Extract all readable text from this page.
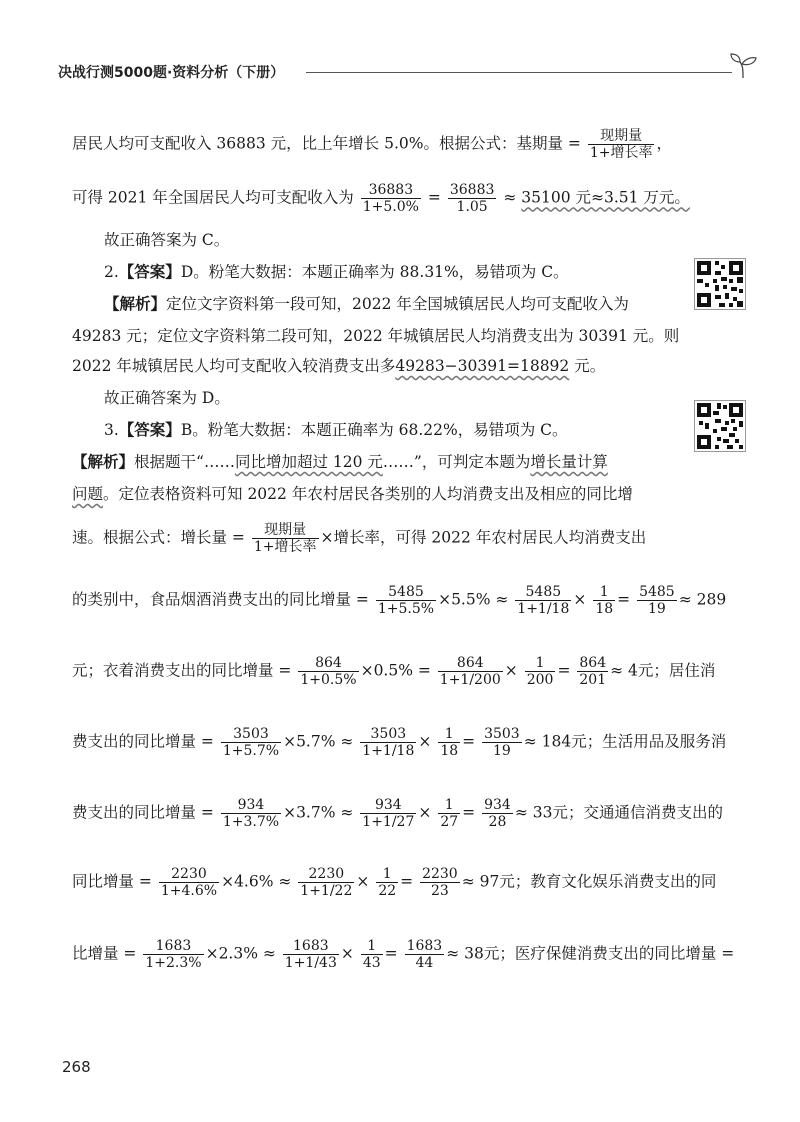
决战行测5000题·资料分析（下册）
居民人均可支配收入 36883 元，比上年增长 5.0%。根据公式：基期量 = $\frac{\text{现期量}}{\text{1+增长率}}$ ，
可得 2021 年全国居民人均可支配收入为 $\frac{36883}{1+5.0\%} = \frac{36883}{1.05} \approx 35100$ 元≈3.51 万元。
故正确答案为 C。
2.【答案】D。粉笔大数据：本题正确率为 88.31%，易错项为 C。
【解析】定位文字资料第一段可知，2022 年全国城镇居民人均可支配收入为
49283 元；定位文字资料第二段可知，2022 年城镇居民人均消费支出为 30391 元。则
2022 年城镇居民人均可支配收入较消费支出多49283−30391=18892 元。
故正确答案为 D。
3.【答案】B。粉笔大数据：本题正确率为 68.22%，易错项为 C。
【解析】根据题干“……同比增加超过 120 元……”，可判定本题为增长量计算
问题。定位表格资料可知 2022 年农村居民各类别的人均消费支出及相应的同比增
速。根据公式：增长量 = $\frac{\text{现期量}}{\text{1+增长率}}$ ×增长率，可得 2022 年农村居民人均消费支出
的类别中，食品烟酒消费支出的同比增量 = $\frac{5485}{1+5.5\%} \times 5.5\% \approx \frac{5485}{1+1/18} \times \frac{1}{18} = \frac{5485}{19} \approx 289$
元；衣着消费支出的同比增量 = $\frac{864}{1+0.5\%} \times 0.5\% = \frac{864}{1+1/200} \times \frac{1}{200} = \frac{864}{201} \approx 4$元；居住消
费支出的同比增量 = $\frac{3503}{1+5.7\%} \times 5.7\% \approx \frac{3503}{1+1/18} \times \frac{1}{18} = \frac{3503}{19} \approx 184$元；生活用品及服务消
费支出的同比增量 = $\frac{934}{1+3.7\%} \times 3.7\% \approx \frac{934}{1+1/27} \times \frac{1}{27} = \frac{934}{28} \approx 33$元；交通通信消费支出的
同比增量 = $\frac{2230}{1+4.6\%} \times 4.6\% \approx \frac{2230}{1+1/22} \times \frac{1}{22} = \frac{2230}{23} \approx 97$元；教育文化娱乐消费支出的同
比增量 = $\frac{1683}{1+2.3\%} \times 2.3\% \approx \frac{1683}{1+1/43} \times \frac{1}{43} = \frac{1683}{44} \approx 38$元；医疗保健消费支出的同比增量 =
268
